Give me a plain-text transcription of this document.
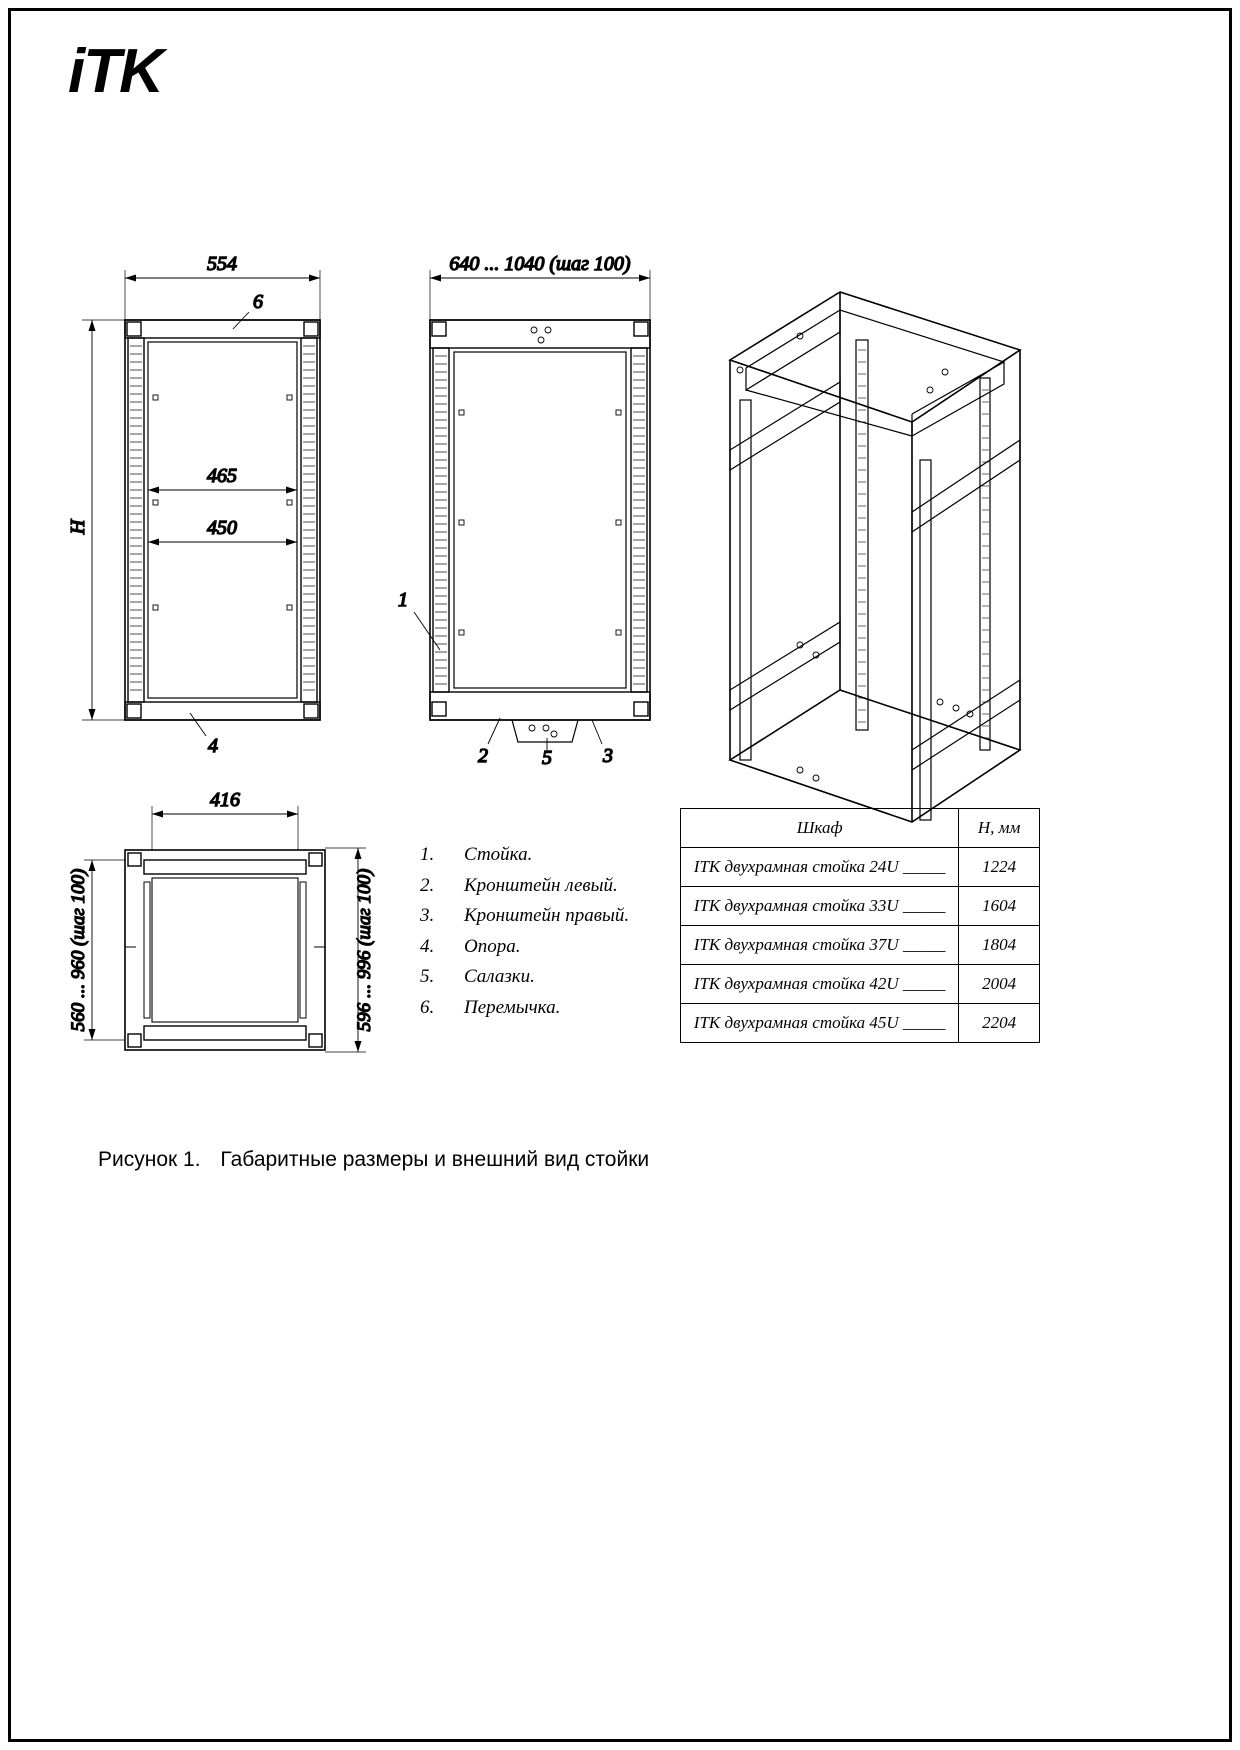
iTK
554
H
465
450
6
4
640 ... 1040 (шаг 100)
1
2	5	3
416
560 ... 960 (шаг 100)	596 ... 996 (шаг 100)
1.	Стойка.
2.	Кронштейн левый.
3.	Кронштейн правый.
4.	Опора.
5.	Салазки.
6.	Перемычка.
Шкаф	H, мм
ITK двухрамная стойка 24U _____	1224
ITK двухрамная стойка 33U _____	1604
ITK двухрамная стойка 37U _____	1804
ITK двухрамная стойка 42U _____	2004
ITK двухрамная стойка 45U _____	2204
Рисунок 1. Габаритные размеры и внешний вид стойки
